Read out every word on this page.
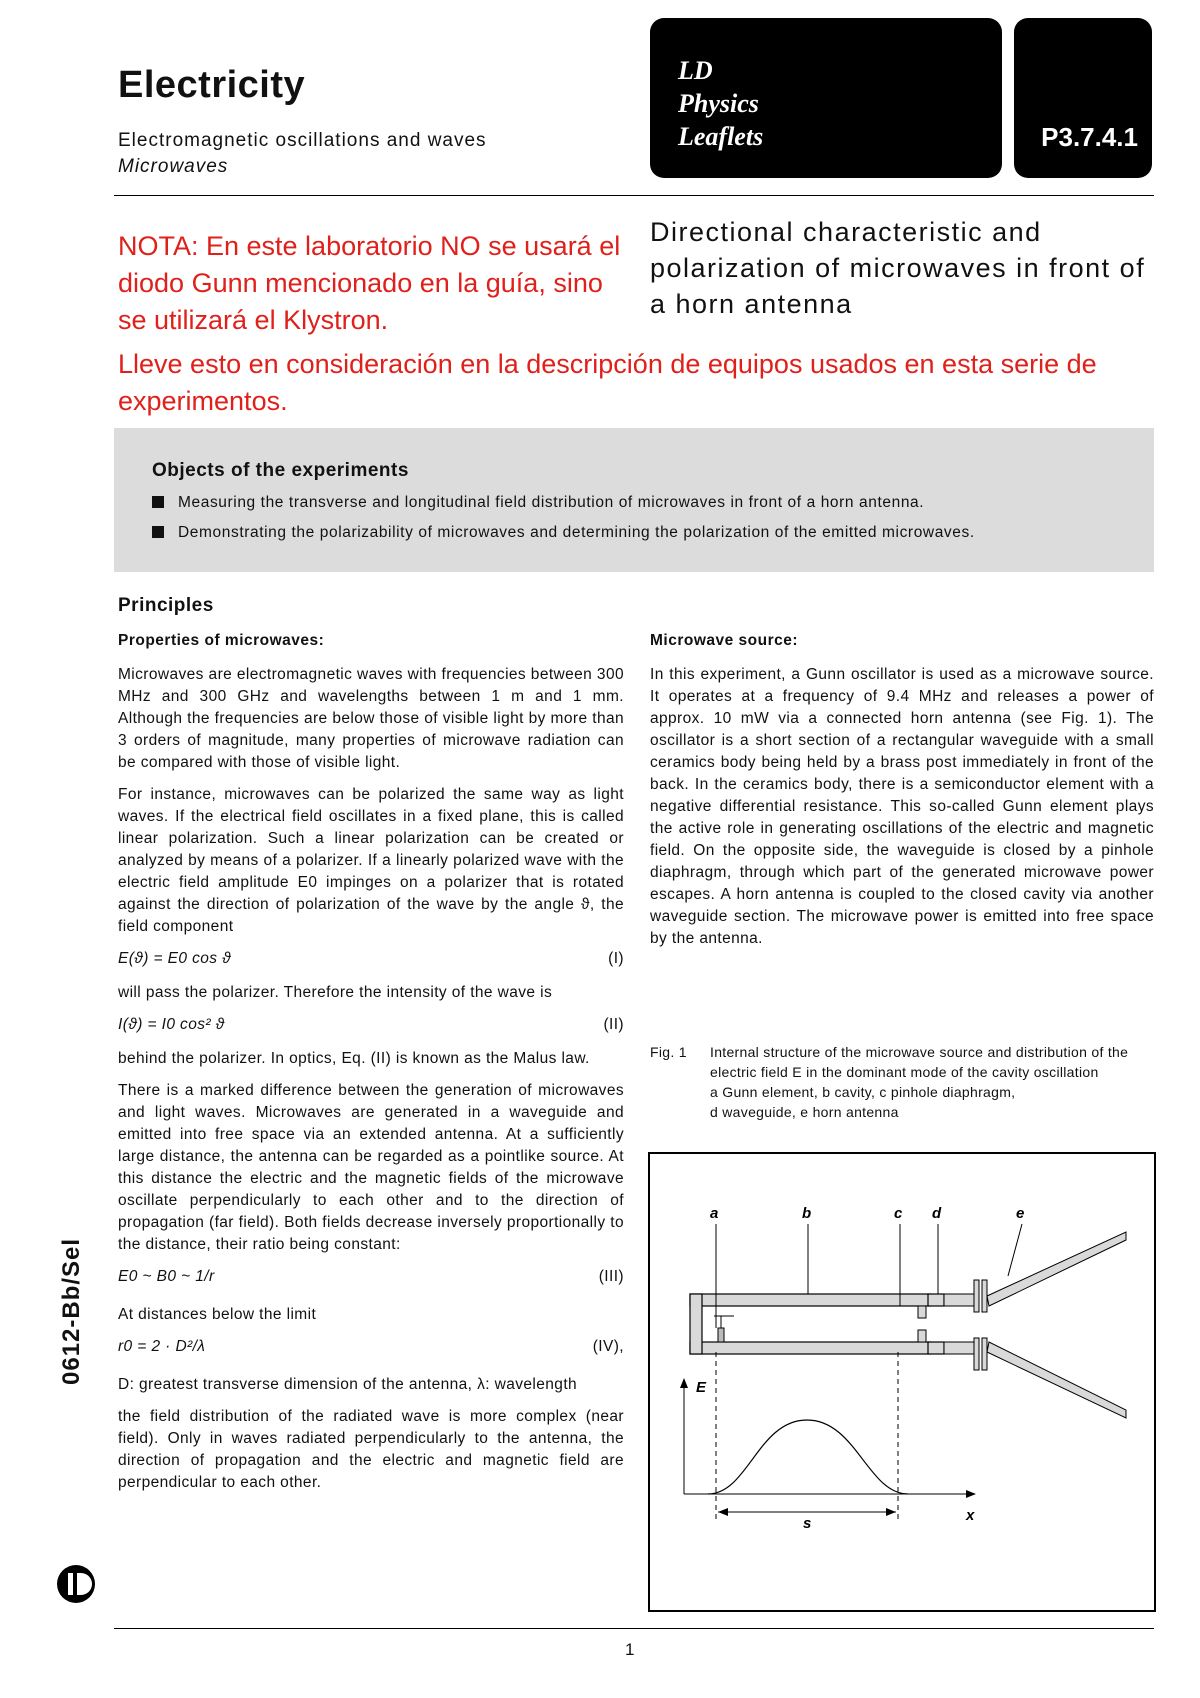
Electricity
Electromagnetic oscillations and waves
Microwaves
LD
Physics
Leaflets	P3.7.4.1
NOTA: En este laboratorio NO se usará el diodo Gunn mencionado en la guía, sino se utilizará el Klystron.
Directional characteristic and polarization of microwaves in front of a horn antenna
Lleve esto en consideración en la descripción de equipos usados en esta serie de experimentos.
Objects of the experiments
Measuring the transverse and longitudinal field distribution of microwaves in front of a horn antenna.
Demonstrating the polarizability of microwaves and determining the polarization of the emitted microwaves.
Principles
Properties of microwaves:

Microwaves are electromagnetic waves with frequencies between 300 MHz and 300 GHz and wavelengths between 1 m and 1 mm. Although the frequencies are below those of visible light by more than 3 orders of magnitude, many properties of microwave radiation can be compared with those of visible light.

For instance, microwaves can be polarized the same way as light waves. If the electrical field oscillates in a fixed plane, this is called linear polarization. Such a linear polarization can be created or analyzed by means of a polarizer. If a linearly polarized wave with the electric field amplitude E0 impinges on a polarizer that is rotated against the direction of polarization of the wave by the angle ϑ, the field component

E(ϑ) = E0 cos ϑ	(I)

will pass the polarizer. Therefore the intensity of the wave is

I(ϑ) = I0 cos² ϑ	(II)

behind the polarizer. In optics, Eq. (II) is known as the Malus law.

There is a marked difference between the generation of microwaves and light waves. Microwaves are generated in a waveguide and emitted into free space via an extended antenna. At a sufficiently large distance, the antenna can be regarded as a pointlike source. At this distance the electric and the magnetic fields of the microwave oscillate perpendicularly to each other and to the direction of propagation (far field). Both fields decrease inversely proportionally to the distance, their ratio being constant:

E0 ~ B0 ~ 1/r	(III)

At distances below the limit

r0 = 2 · D²/λ	(IV),

D: greatest transverse dimension of the antenna, λ: wavelength

the field distribution of the radiated wave is more complex (near field). Only in waves radiated perpendicularly to the antenna, the direction of propagation and the electric and magnetic field are perpendicular to each other.

Microwave source:
In this experiment, a Gunn oscillator is used as a microwave source. It operates at a frequency of 9.4 MHz and releases a power of approx. 10 mW via a connected horn antenna (see Fig. 1). The oscillator is a short section of a rectangular waveguide with a small ceramics body being held by a brass post immediately in front of the back. In the ceramics body, there is a semiconductor element with a negative differential resistance. This so-called Gunn element plays the active role in generating oscillations of the electric and magnetic field. On the opposite side, the waveguide is closed by a pinhole diaphragm, through which part of the generated microwave power escapes. A horn antenna is coupled to the closed cavity via another waveguide section. The microwave power is emitted into free space by the antenna.
Fig. 1	Internal structure of the microwave source and distribution of the electric field E in the dominant mode of the cavity oscillation
a Gunn element, b cavity, c pinhole diaphragm,
d waveguide, e horn antenna
a	b	c d	e
E
x
s
0612-Bb/Sel
1
